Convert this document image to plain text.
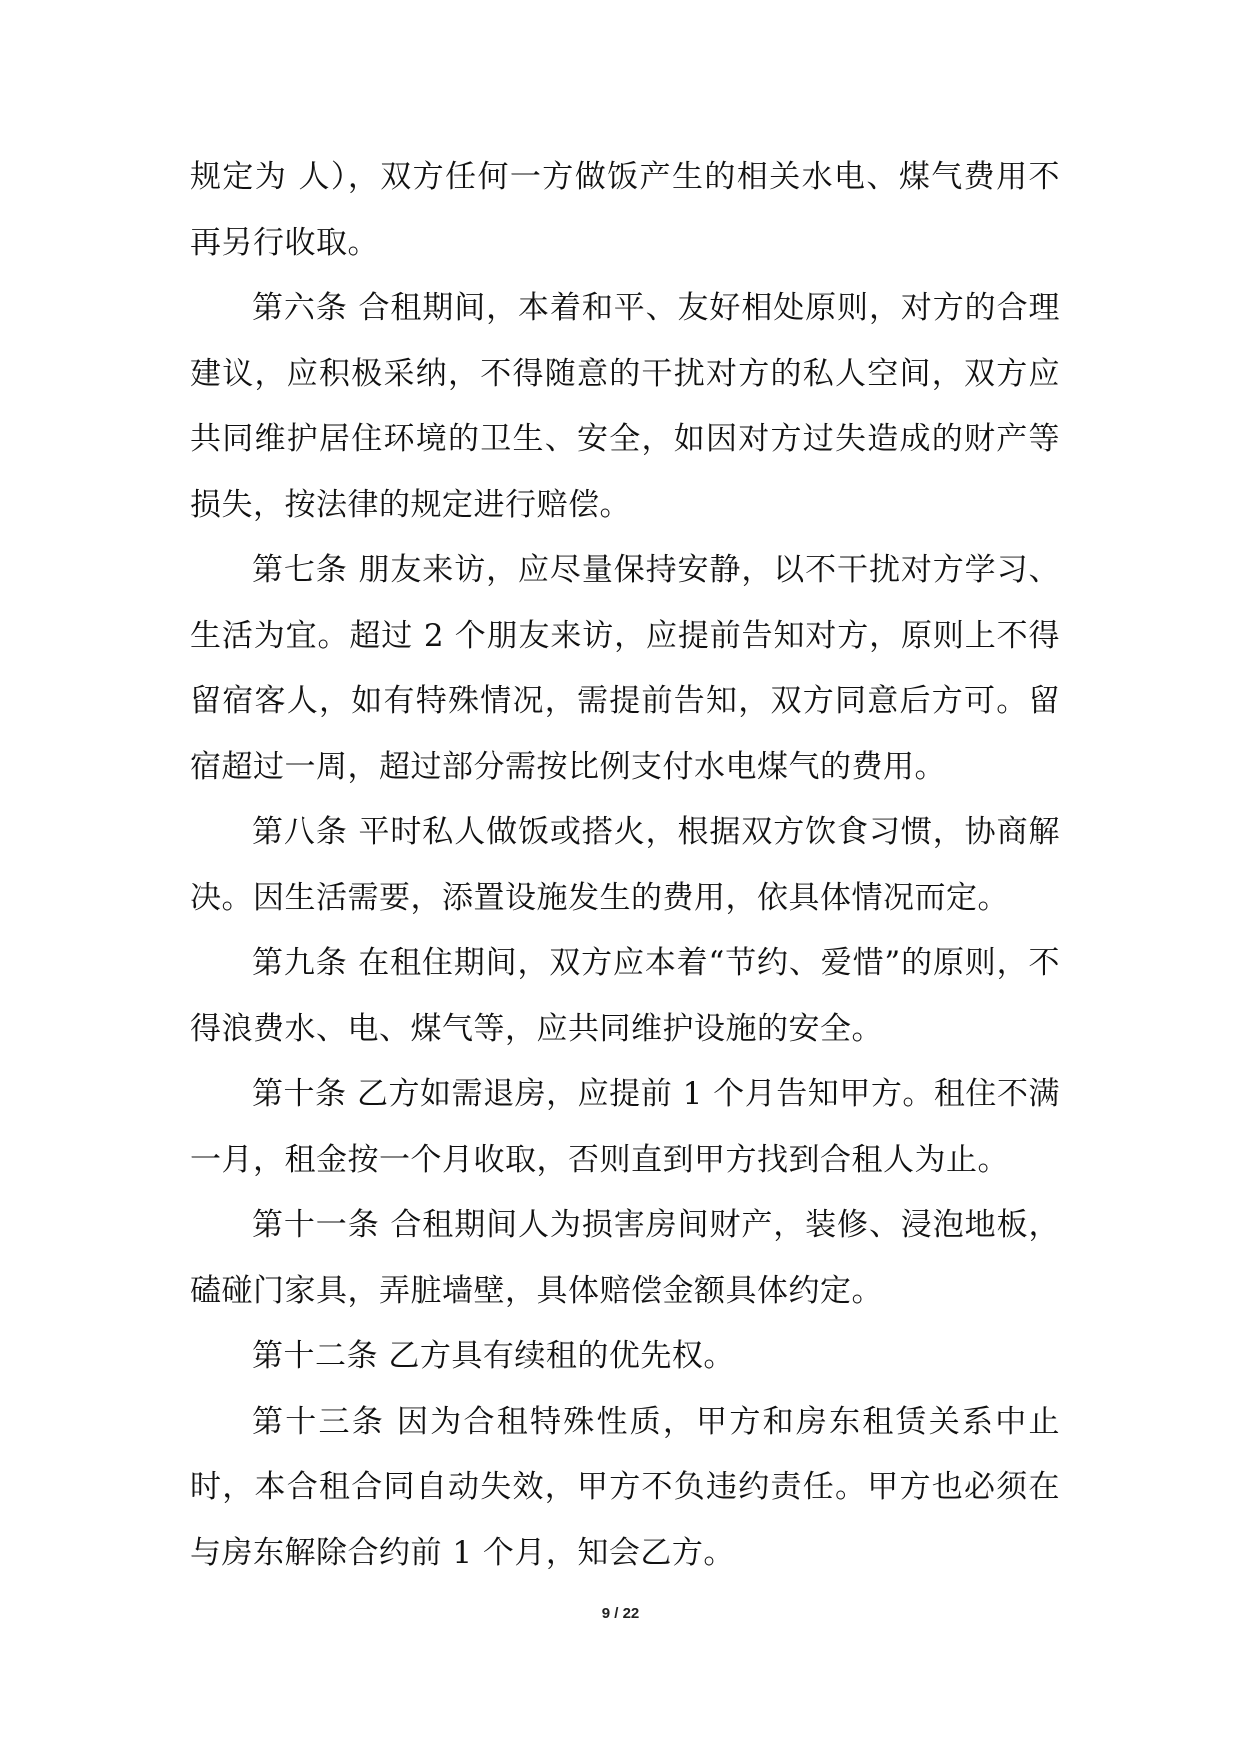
规定为 人），双方任何一方做饭产生的相关水电、煤气费用不再另行收取。

第六条 合租期间，本着和平、友好相处原则，对方的合理建议，应积极采纳，不得随意的干扰对方的私人空间，双方应共同维护居住环境的卫生、安全，如因对方过失造成的财产等损失，按法律的规定进行赔偿。

第七条 朋友来访，应尽量保持安静，以不干扰对方学习、生活为宜。超过 2 个朋友来访，应提前告知对方，原则上不得留宿客人，如有特殊情况，需提前告知，双方同意后方可。留宿超过一周，超过部分需按比例支付水电煤气的费用。

第八条 平时私人做饭或搭火，根据双方饮食习惯，协商解决。因生活需要，添置设施发生的费用，依具体情况而定。

第九条 在租住期间，双方应本着“节约、爱惜”的原则，不得浪费水、电、煤气等，应共同维护设施的安全。

第十条 乙方如需退房，应提前 1 个月告知甲方。租住不满一月，租金按一个月收取，否则直到甲方找到合租人为止。

第十一条 合租期间人为损害房间财产，装修、浸泡地板，磕碰门家具，弄脏墙壁，具体赔偿金额具体约定。

第十二条 乙方具有续租的优先权。

第十三条 因为合租特殊性质，甲方和房东租赁关系中止时，本合租合同自动失效，甲方不负违约责任。甲方也必须在与房东解除合约前 1 个月，知会乙方。

9 / 22
